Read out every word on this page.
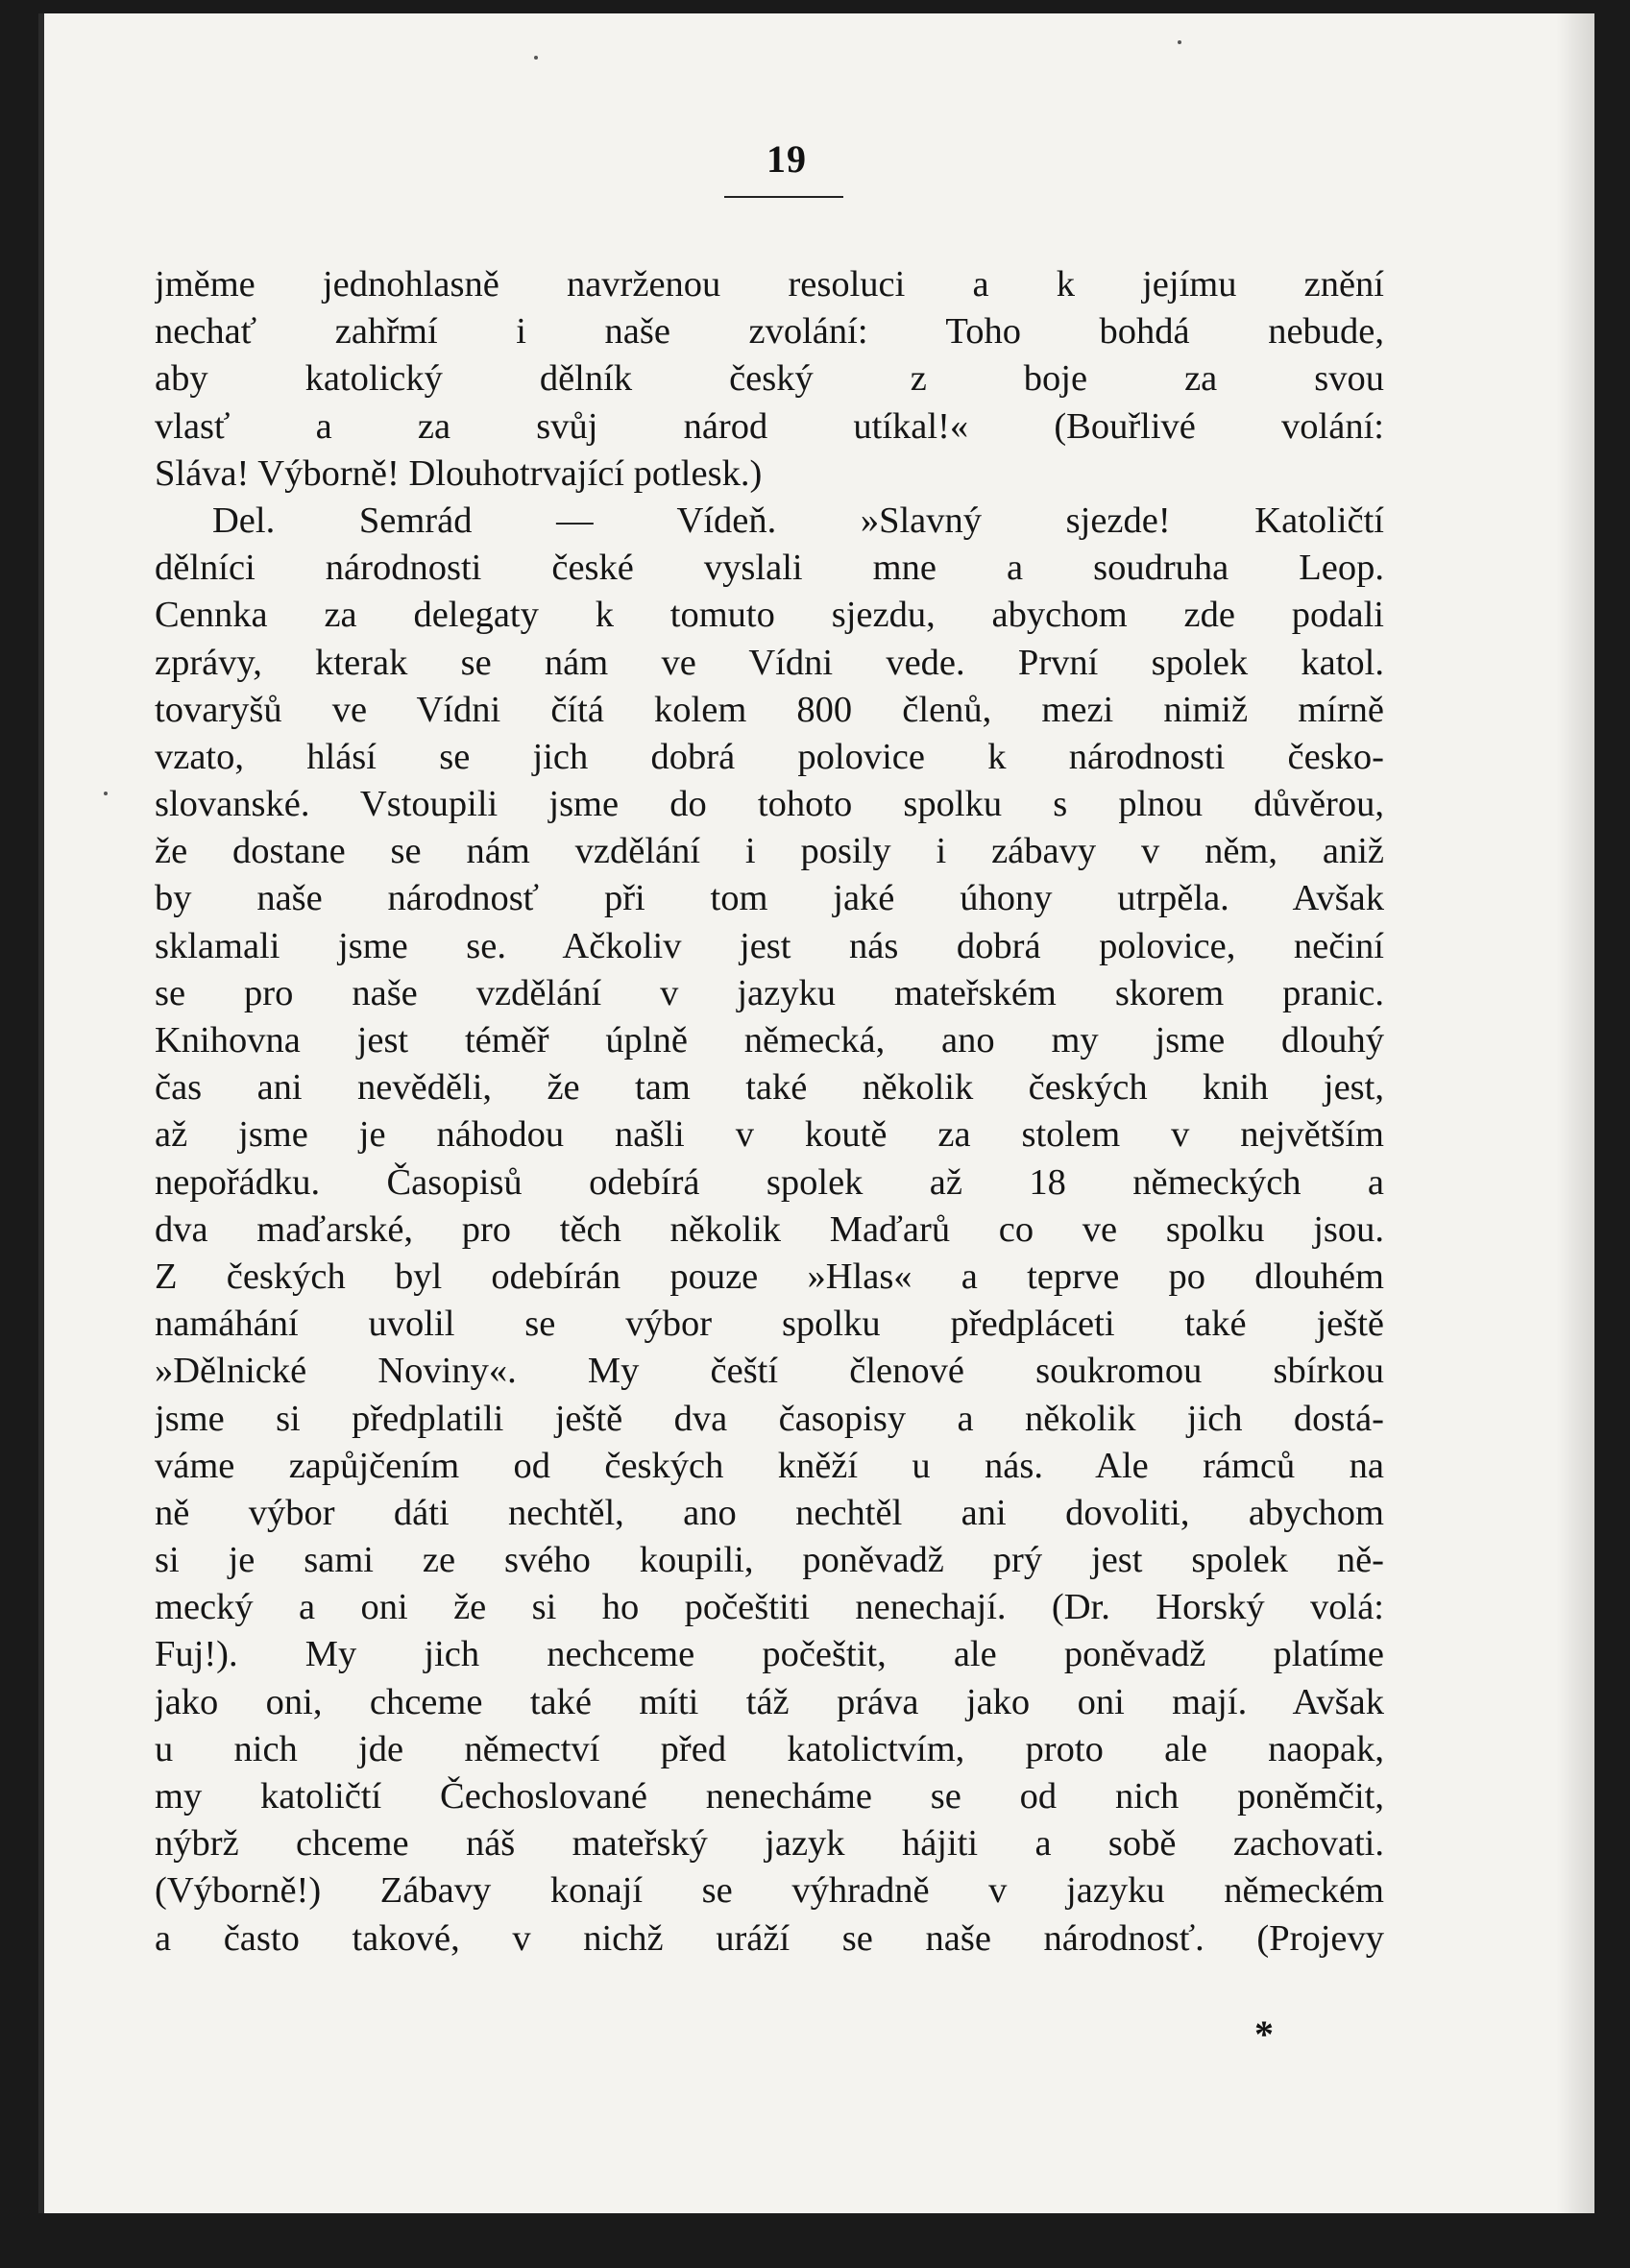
19
jměme jednohlasně navrženou resoluci a k jejímu znění
nechať zahřmí i naše zvolání: Toho bohdá nebude,
aby katolický dělník český z boje za svou
vlasť a za svůj národ utíkal!« (Bouřlivé volání:
Sláva! Výborně! Dlouhotrvající potlesk.)
Del. Semrád — Vídeň. »Slavný sjezde! Katoličtí
dělníci národnosti české vyslali mne a soudruha Leop.
Cennka za delegaty k tomuto sjezdu, abychom zde podali
zprávy, kterak se nám ve Vídni vede. První spolek katol.
tovaryšů ve Vídni čítá kolem 800 členů, mezi nimiž mírně
vzato, hlásí se jich dobrá polovice k národnosti česko-
slovanské. Vstoupili jsme do tohoto spolku s plnou důvěrou,
že dostane se nám vzdělání i posily i zábavy v něm, aniž
by naše národnosť při tom jaké úhony utrpěla. Avšak
sklamali jsme se. Ačkoliv jest nás dobrá polovice, nečiní
se pro naše vzdělání v jazyku mateřském skorem pranic.
Knihovna jest téměř úplně německá, ano my jsme dlouhý
čas ani nevěděli, že tam také několik českých knih jest,
až jsme je náhodou našli v koutě za stolem v největším
nepořádku. Časopisů odebírá spolek až 18 německých a
dva maďarské, pro těch několik Maďarů co ve spolku jsou.
Z českých byl odebírán pouze »Hlas« a teprve po dlouhém
namáhání uvolil se výbor spolku předpláceti také ještě
»Dělnické Noviny«. My čeští členové soukromou sbírkou
jsme si předplatili ještě dva časopisy a několik jich dostá-
váme zapůjčením od českých kněží u nás. Ale rámců na
ně výbor dáti nechtěl, ano nechtěl ani dovoliti, abychom
si je sami ze svého koupili, poněvadž prý jest spolek ně-
mecký a oni že si ho počeštiti nenechají. (Dr. Horský volá:
Fuj!). My jich nechceme počeštit, ale poněvadž platíme
jako oni, chceme také míti táž práva jako oni mají. Avšak
u nich jde němectví před katolictvím, proto ale naopak,
my katoličtí Čechoslované nenecháme se od nich poněmčit,
nýbrž chceme náš mateřský jazyk hájiti a sobě zachovati.
(Výborně!) Zábavy konají se výhradně v jazyku německém
a často takové, v nichž uráží se naše národnosť. (Projevy
*
